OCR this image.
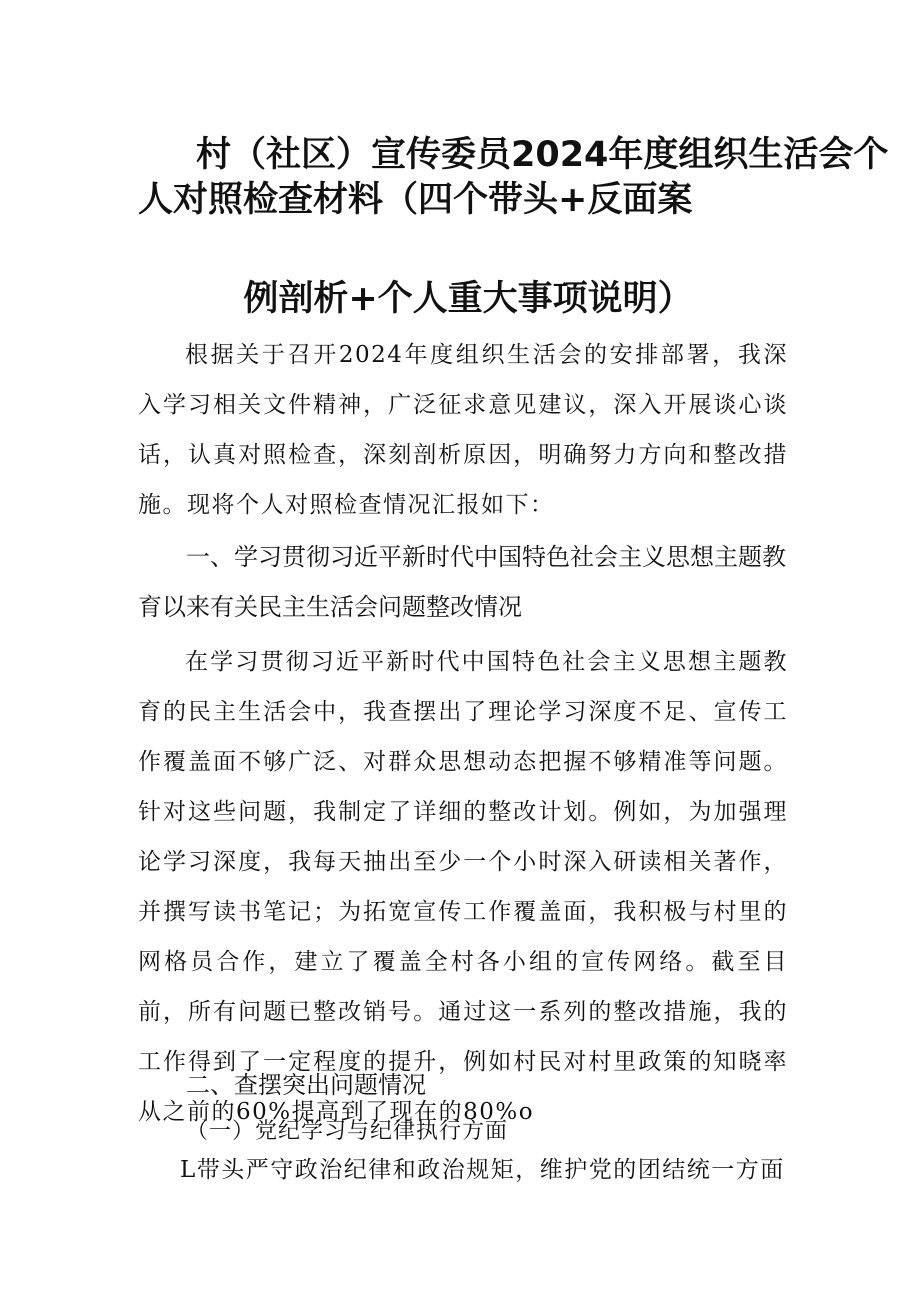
村（社区）宣传委员2024年度组织生活会个
人对照检查材料（四个带头+反面案
例剖析+个人重大事项说明）
根据关于召开2024年度组织生活会的安排部署，我深入学习相关文件精神，广泛征求意见建议，深入开展谈心谈话，认真对照检查，深刻剖析原因，明确努力方向和整改措施。现将个人对照检查情况汇报如下：
一、学习贯彻习近平新时代中国特色社会主义思想主题教育以来有关民主生活会问题整改情况
在学习贯彻习近平新时代中国特色社会主义思想主题教育的民主生活会中，我查摆出了理论学习深度不足、宣传工作覆盖面不够广泛、对群众思想动态把握不够精准等问题。针对这些问题，我制定了详细的整改计划。例如，为加强理论学习深度，我每天抽出至少一个小时深入研读相关著作，并撰写读书笔记；为拓宽宣传工作覆盖面，我积极与村里的网格员合作，建立了覆盖全村各小组的宣传网络。截至目前，所有问题已整改销号。通过这一系列的整改措施，我的工作得到了一定程度的提升，例如村民对村里政策的知晓率从之前的60%提高到了现在的80%o
二、查摆突出问题情况
（一）党纪学习与纪律执行方面
L带头严守政治纪律和政治规矩，维护党的团结统一方面
